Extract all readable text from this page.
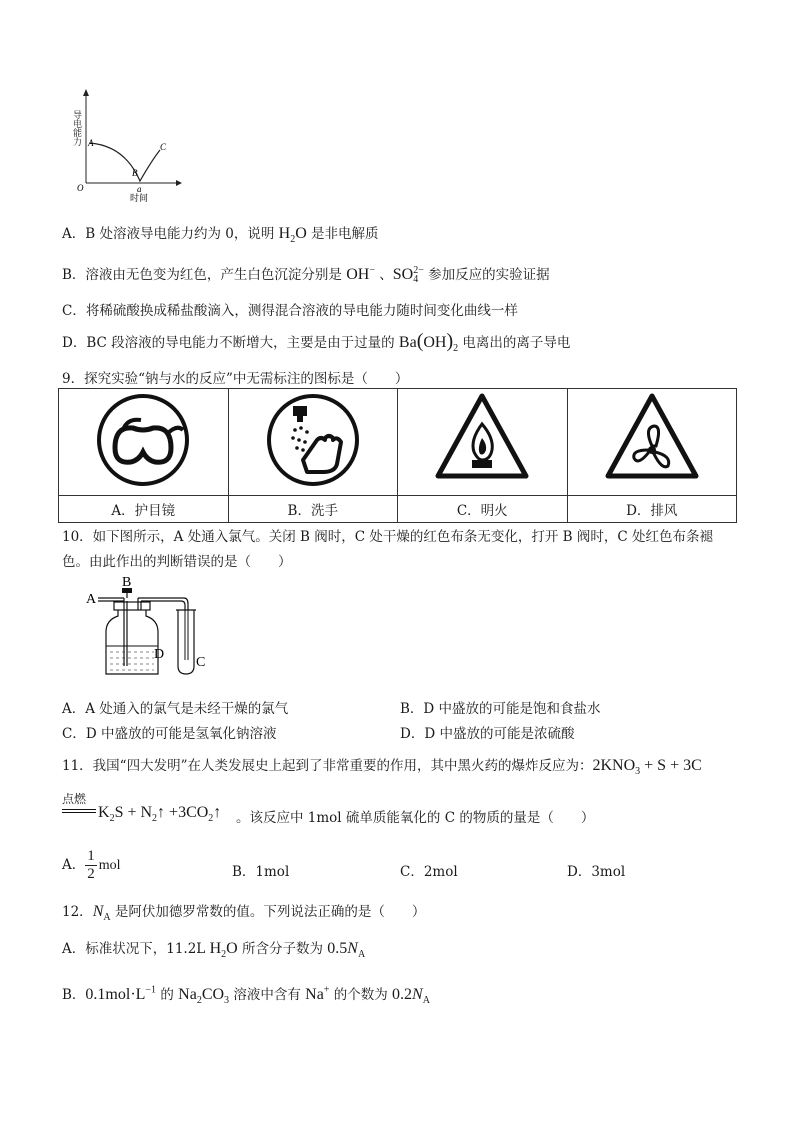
A
B
C
O	a
时间
导电能力
A．B 处溶液导电能力约为 0，说明 $H_2O$ 是非电解质
B．溶液由无色变为红色，产生白色沉淀分别是 OH− 、SO 2−
4 参加反应的实验证据
C．将稀硫酸换成稀盐酸滴入，测得混合溶液的导电能力随时间变化曲线一样
D．BC 段溶液的导电能力不断增大，主要是由于过量的 $Ba(OH)_2$ 电离出的离子导电
9．探究实验“钠与水的反应”中无需标注的图标是（　　）

A．护目镜	B．洗手	C．明火	D．排风
10．如下图所示，A 处通入氯气。关闭 B 阀时，C 处干燥的红色布条无变化，打开 B 阀时，C 处红色布条褪
色。由此作出的判断错误的是（　　）
A
B
D
C
A．A 处通入的氯气是未经干燥的氯气	B．D 中盛放的可能是饱和食盐水
C．D 中盛放的可能是氢氧化钠溶液	D．D 中盛放的可能是浓硫酸
11．我国“四大发明”在人类发展史上起到了非常重要的作用，其中黑火药的爆炸反应为：$2KNO_3 + S + 3C$
点燃
$K_2S$ + $N_2↑$ $+3CO_2↑$ 。该反应中 1mol 硫单质能氧化的 C 的物质的量是（　　）
A． $\frac{1}{2}$ mol	B．1mol	C．2mol	D．3mol
12．$N_A$ 是阿伏加德罗常数的值。下列说法正确的是（　　）
A．标准状况下，11.2L $H_2O$ 所含分子数为 $0.5N_A$
B．$0.1mol\cdot L^{-1}$ 的 $Na_2CO_3$ 溶液中含有 Na+ 的个数为 $0.2N_A$
